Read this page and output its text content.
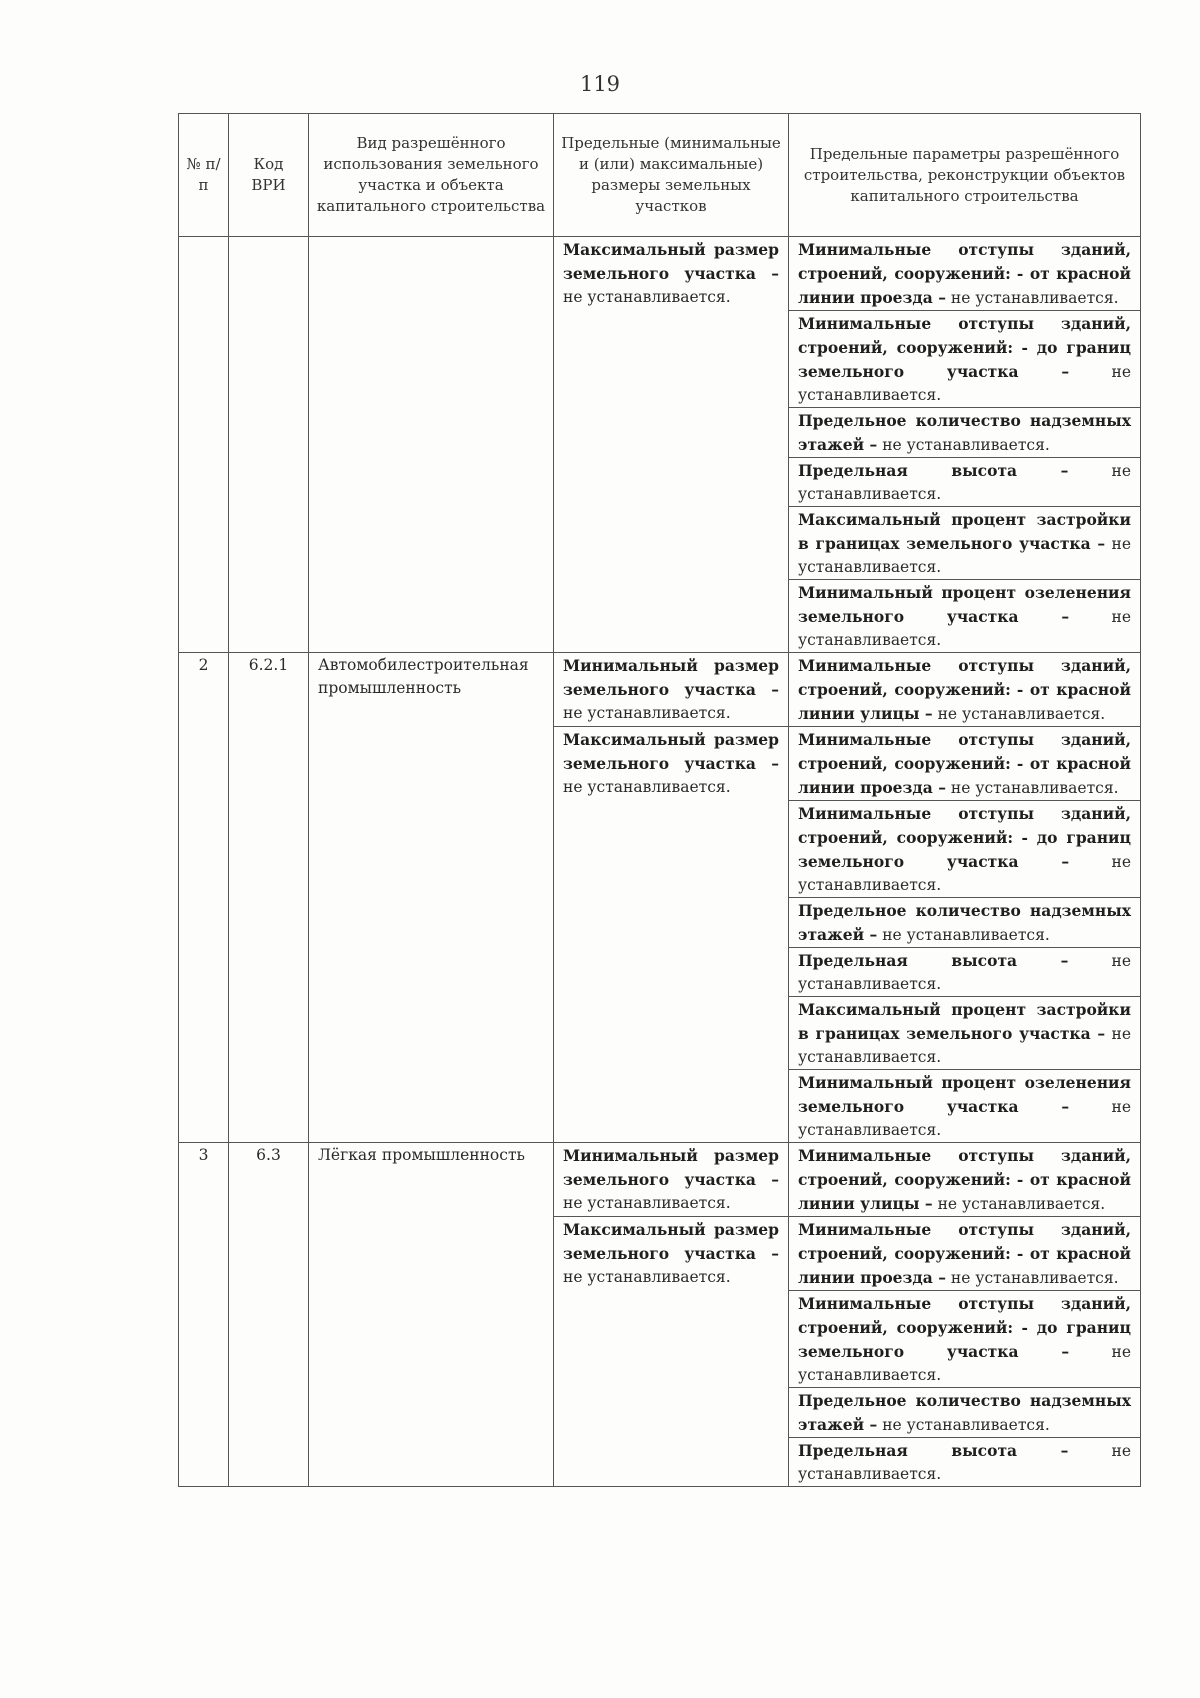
119
№ п/п	Код ВРИ	Вид разрешённого использования земельного участка и объекта капитального строительства	Предельные (минимальные и (или) максимальные) размеры земельных участков	Предельные параметры разрешённого строительства, реконструкции объектов капитального строительства
			Максимальный размер земельного участка – не устанавливается.	Минимальные отступы зданий, строений, сооружений: - от красной линии проезда – не устанавливается.
				Минимальные отступы зданий, строений, сооружений: - до границ земельного участка – не устанавливается.
				Предельное количество надземных этажей – не устанавливается.
				Предельная высота – не устанавливается.
				Максимальный процент застройки в границах земельного участка – не устанавливается.
				Минимальный процент озеленения земельного участка – не устанавливается.
2	6.2.1	Автомобилестроительная промышленность	Минимальный размер земельного участка – не устанавливается.	Минимальные отступы зданий, строений, сооружений: - от красной линии улицы – не устанавливается.
			Максимальный размер земельного участка – не устанавливается.	Минимальные отступы зданий, строений, сооружений: - от красной линии проезда – не устанавливается.
				Минимальные отступы зданий, строений, сооружений: - до границ земельного участка – не устанавливается.
				Предельное количество надземных этажей – не устанавливается.
				Предельная высота – не устанавливается.
				Максимальный процент застройки в границах земельного участка – не устанавливается.
				Минимальный процент озеленения земельного участка – не устанавливается.
3	6.3	Лёгкая промышленность	Минимальный размер земельного участка – не устанавливается.	Минимальные отступы зданий, строений, сооружений: - от красной линии улицы – не устанавливается.
			Максимальный размер земельного участка – не устанавливается.	Минимальные отступы зданий, строений, сооружений: - от красной линии проезда – не устанавливается.
				Минимальные отступы зданий, строений, сооружений: - до границ земельного участка – не устанавливается.
				Предельное количество надземных этажей – не устанавливается.
				Предельная высота – не устанавливается.
